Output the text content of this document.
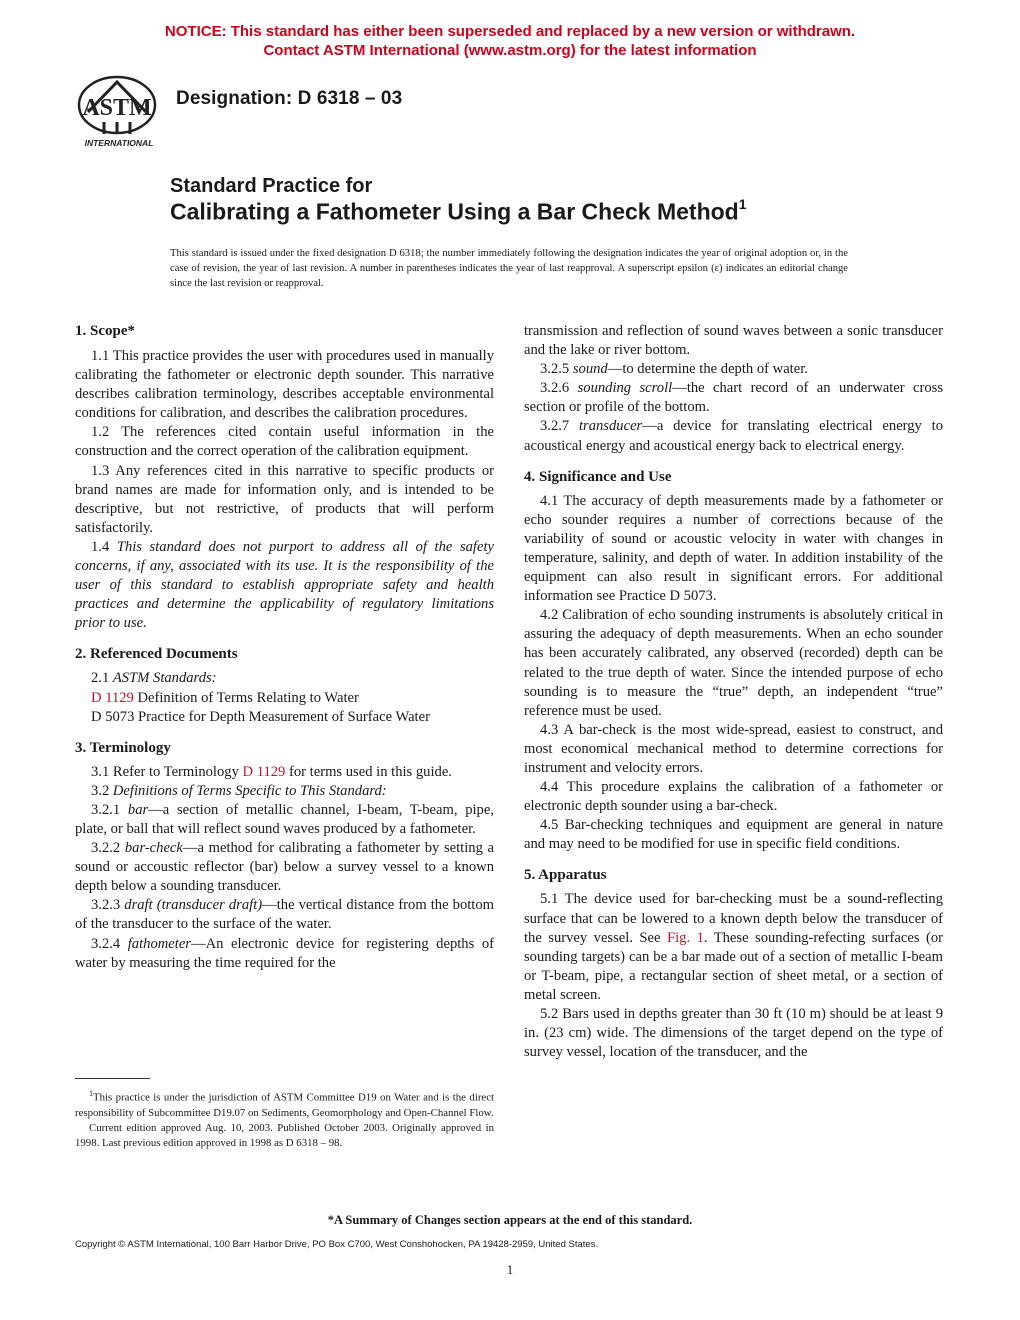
NOTICE: This standard has either been superseded and replaced by a new version or withdrawn.
Contact ASTM International (www.astm.org) for the latest information
ASTM
INTERNATIONAL
Designation: D 6318 – 03
Standard Practice for
Calibrating a Fathometer Using a Bar Check Method$^1$
This standard is issued under the fixed designation D 6318; the number immediately following the designation indicates the year of original adoption or, in the case of revision, the year of last revision. A number in parentheses indicates the year of last reapproval. A superscript epsilon (ε) indicates an editorial change since the last revision or reapproval.
1. Scope*

1.1 This practice provides the user with procedures used in manually calibrating the fathometer or electronic depth sounder. This narrative describes calibration terminology, describes acceptable environmental conditions for calibration, and describes the calibration procedures.

1.2 The references cited contain useful information in the construction and the correct operation of the calibration equipment.

1.3 Any references cited in this narrative to specific products or brand names are made for information only, and is intended to be descriptive, but not restrictive, of products that will perform satisfactorily.

1.4 This standard does not purport to address all of the safety concerns, if any, associated with its use. It is the responsibility of the user of this standard to establish appropriate safety and health practices and determine the applicability of regulatory limitations prior to use.

2. Referenced Documents

2.1 ASTM Standards:

D 1129 Definition of Terms Relating to Water

D 5073 Practice for Depth Measurement of Surface Water

3. Terminology

3.1 Refer to Terminology D 1129 for terms used in this guide.

3.2 Definitions of Terms Specific to This Standard:

3.2.1 bar—a section of metallic channel, I-beam, T-beam, pipe, plate, or ball that will reflect sound waves produced by a fathometer.

3.2.2 bar-check—a method for calibrating a fathometer by setting a sound or accoustic reflector (bar) below a survey vessel to a known depth below a sounding transducer.

3.2.3 draft (transducer draft)—the vertical distance from the bottom of the transducer to the surface of the water.

3.2.4 fathometer—An electronic device for registering depths of water by measuring the time required for the

transmission and reflection of sound waves between a sonic transducer and the lake or river bottom.

3.2.5 sound—to determine the depth of water.

3.2.6 sounding scroll—the chart record of an underwater cross section or profile of the bottom.

3.2.7 transducer—a device for translating electrical energy to acoustical energy and acoustical energy back to electrical energy.

4. Significance and Use

4.1 The accuracy of depth measurements made by a fathometer or echo sounder requires a number of corrections because of the variability of sound or acoustic velocity in water with changes in temperature, salinity, and depth of water. In addition instability of the equipment can also result in significant errors. For additional information see Practice D 5073.

4.2 Calibration of echo sounding instruments is absolutely critical in assuring the adequacy of depth measurements. When an echo sounder has been accurately calibrated, any observed (recorded) depth can be related to the true depth of water. Since the intended purpose of echo sounding is to measure the “true” depth, an independent “true” reference must be used.

4.3 A bar-check is the most wide-spread, easiest to construct, and most economical mechanical method to determine corrections for instrument and velocity errors.

4.4 This procedure explains the calibration of a fathometer or electronic depth sounder using a bar-check.

4.5 Bar-checking techniques and equipment are general in nature and may need to be modified for use in specific field conditions.

5. Apparatus

5.1 The device used for bar-checking must be a sound-reflecting surface that can be lowered to a known depth below the transducer of the survey vessel. See Fig. 1. These sounding-refecting surfaces (or sounding targets) can be a bar made out of a section of metallic I-beam or T-beam, pipe, a rectangular section of sheet metal, or a section of metal screen.

5.2 Bars used in depths greater than 30 ft (10 m) should be at least 9 in. (23 cm) wide. The dimensions of the target depend on the type of survey vessel, location of the transducer, and the

$^1$This practice is under the jurisdiction of ASTM Committee D19 on Water and is the direct responsibility of Subcommittee D19.07 on Sediments, Geomorphology and Open-Channel Flow.

Current edition approved Aug. 10, 2003. Published October 2003. Originally approved in 1998. Last previous edition approved in 1998 as D 6318 – 98.

*A Summary of Changes section appears at the end of this standard.
Copyright © ASTM International, 100 Barr Harbor Drive, PO Box C700, West Conshohocken, PA 19428-2959, United States.
1
